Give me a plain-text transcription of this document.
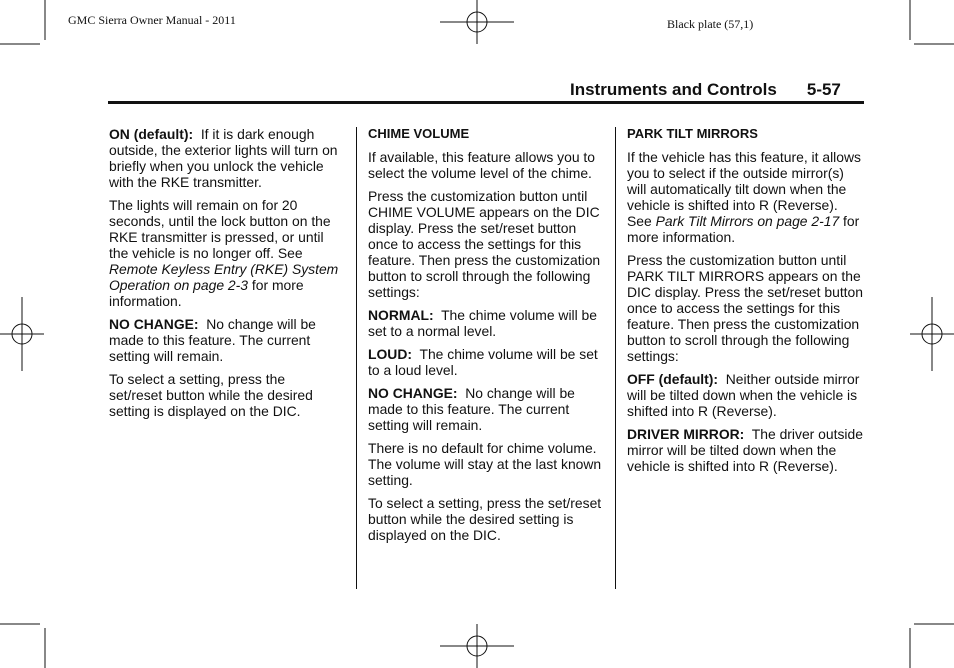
GMC Sierra Owner Manual - 2011	Black plate (57,1)
Instruments and Controls 5-57

ON (default): If it is dark enough outside, the exterior lights will turn on briefly when you unlock the vehicle with the RKE transmitter.

The lights will remain on for 20 seconds, until the lock button on the RKE transmitter is pressed, or until the vehicle is no longer off. See Remote Keyless Entry (RKE) System Operation on page 2-3 for more information.

NO CHANGE: No change will be made to this feature. The current setting will remain.

To select a setting, press the set/reset button while the desired setting is displayed on the DIC.

CHIME VOLUME

If available, this feature allows you to select the volume level of the chime.

Press the customization button until CHIME VOLUME appears on the DIC display. Press the set/reset button once to access the settings for this feature. Then press the customization button to scroll through the following settings:

NORMAL: The chime volume will be set to a normal level.

LOUD: The chime volume will be set to a loud level.

NO CHANGE: No change will be made to this feature. The current setting will remain.

There is no default for chime volume. The volume will stay at the last known setting.

To select a setting, press the set/reset button while the desired setting is displayed on the DIC.

PARK TILT MIRRORS

If the vehicle has this feature, it allows you to select if the outside mirror(s) will automatically tilt down when the vehicle is shifted into R (Reverse). See Park Tilt Mirrors on page 2-17 for more information.

Press the customization button until PARK TILT MIRRORS appears on the DIC display. Press the set/reset button once to access the settings for this feature. Then press the customization button to scroll through the following settings:

OFF (default): Neither outside mirror will be tilted down when the vehicle is shifted into R (Reverse).

DRIVER MIRROR: The driver outside mirror will be tilted down when the vehicle is shifted into R (Reverse).
